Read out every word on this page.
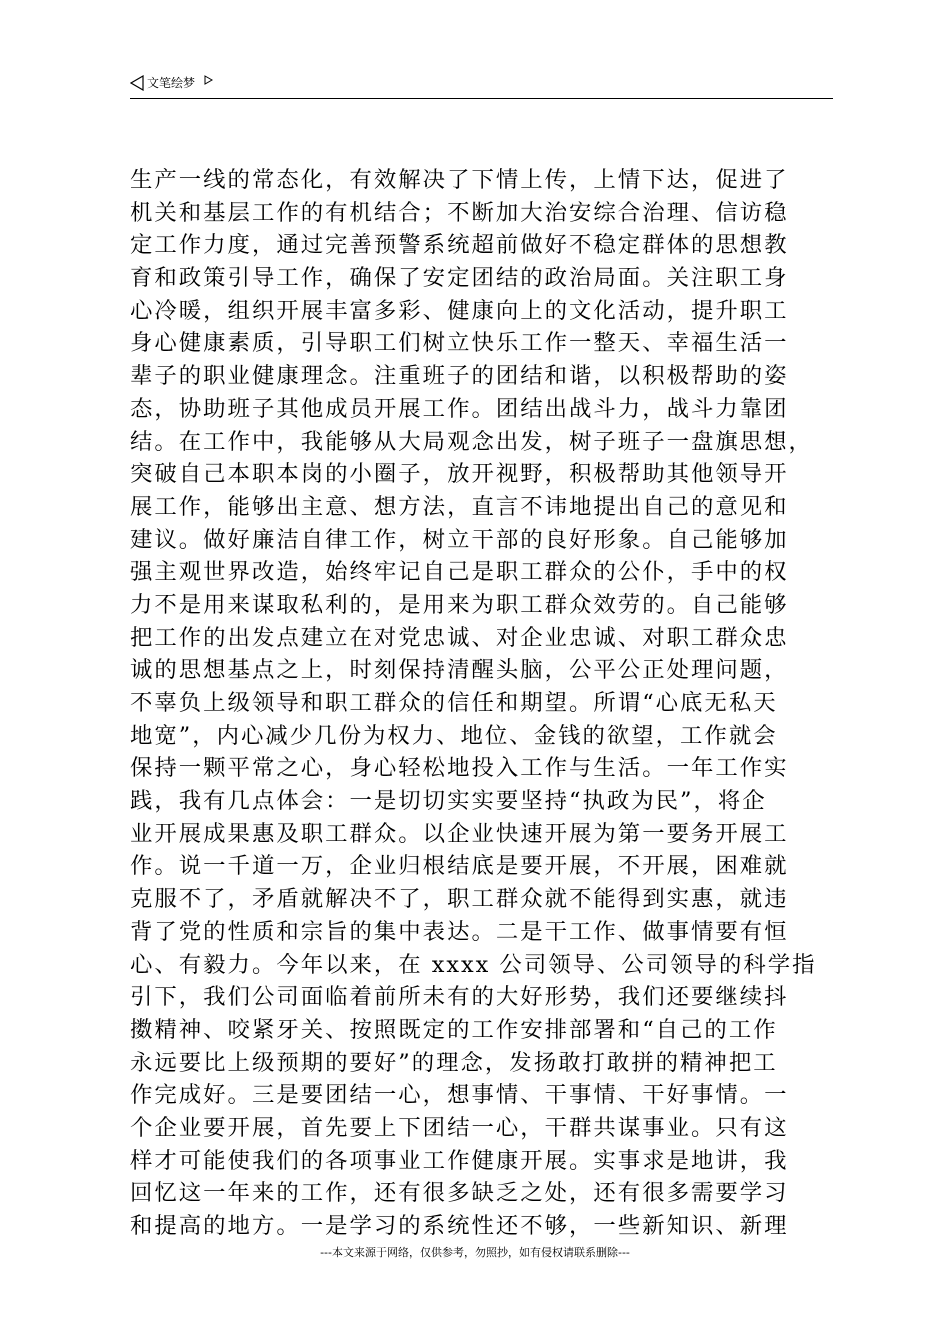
文笔绘梦
生产一线的常态化，有效解决了下情上传，上情下达，促进了
机关和基层工作的有机结合；不断加大治安综合治理、信访稳
定工作力度，通过完善预警系统超前做好不稳定群体的思想教
育和政策引导工作，确保了安定团结的政治局面。关注职工身
心冷暖，组织开展丰富多彩、健康向上的文化活动，提升职工
身心健康素质，引导职工们树立快乐工作一整天、幸福生活一
辈子的职业健康理念。注重班子的团结和谐，以积极帮助的姿
态，协助班子其他成员开展工作。团结出战斗力，战斗力靠团
结。在工作中，我能够从大局观念出发，树子班子一盘旗思想，
突破自己本职本岗的小圈子，放开视野，积极帮助其他领导开
展工作，能够出主意、想方法，直言不讳地提出自己的意见和
建议。做好廉洁自律工作，树立干部的良好形象。自己能够加
强主观世界改造，始终牢记自己是职工群众的公仆，手中的权
力不是用来谋取私利的，是用来为职工群众效劳的。自己能够
把工作的出发点建立在对党忠诚、对企业忠诚、对职工群众忠
诚的思想基点之上，时刻保持清醒头脑，公平公正处理问题，
不辜负上级领导和职工群众的信任和期望。所谓“心底无私天
地宽”，内心减少几份为权力、地位、金钱的欲望，工作就会
保持一颗平常之心，身心轻松地投入工作与生活。一年工作实
践，我有几点体会：一是切切实实要坚持“执政为民”，将企
业开展成果惠及职工群众。以企业快速开展为第一要务开展工
作。说一千道一万，企业归根结底是要开展，不开展，困难就
克服不了，矛盾就解决不了，职工群众就不能得到实惠，就违
背了党的性质和宗旨的集中表达。二是干工作、做事情要有恒
心、有毅力。今年以来，在 xxxx 公司领导、公司领导的科学指
引下，我们公司面临着前所未有的大好形势，我们还要继续抖
擞精神、咬紧牙关、按照既定的工作安排部署和“自己的工作
永远要比上级预期的要好”的理念，发扬敢打敢拼的精神把工
作完成好。三是要团结一心，想事情、干事情、干好事情。一
个企业要开展，首先要上下团结一心，干群共谋事业。只有这
样才可能使我们的各项事业工作健康开展。实事求是地讲，我
回忆这一年来的工作，还有很多缺乏之处，还有很多需要学习
和提高的地方。一是学习的系统性还不够，一些新知识、新理
---本文来源于网络，仅供参考，勿照抄，如有侵权请联系删除---
